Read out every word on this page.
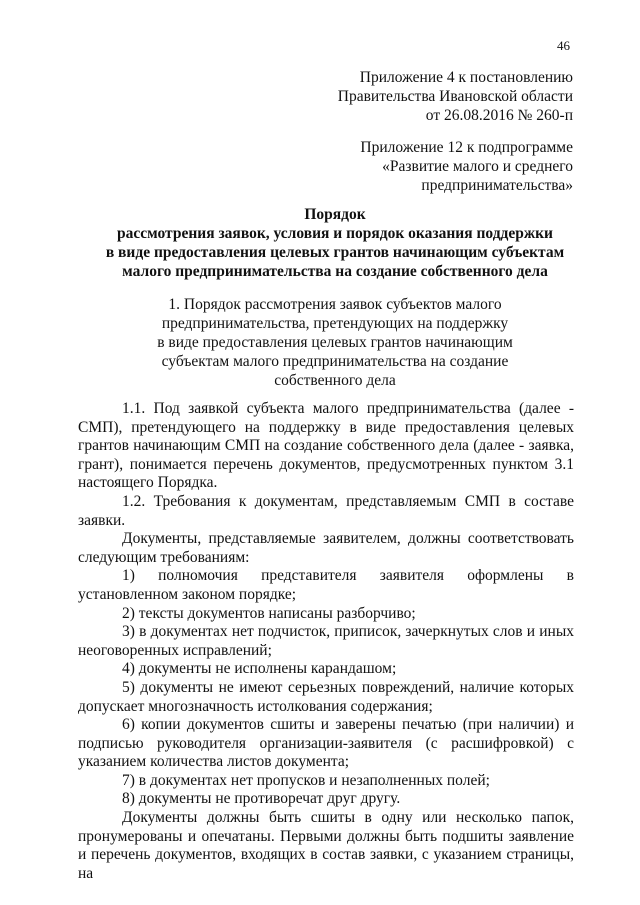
46
Приложение 4 к постановлению
Правительства Ивановской области
от 26.08.2016 № 260-п
Приложение 12 к подпрограмме
«Развитие малого и среднего
предпринимательства»
Порядок
рассмотрения заявок, условия и порядок оказания поддержки
в виде предоставления целевых грантов начинающим субъектам
малого предпринимательства на создание собственного дела
1. Порядок рассмотрения заявок субъектов малого
предпринимательства, претендующих на поддержку
в виде предоставления целевых грантов начинающим
субъектам малого предпринимательства на создание
собственного дела

1.1. Под заявкой субъекта малого предпринимательства (далее - СМП), претендующего на поддержку в виде предоставления целевых грантов начинающим СМП на создание собственного дела (далее - заявка, грант), понимается перечень документов, предусмотренных пунктом 3.1 настоящего Порядка.

1.2. Требования к документам, представляемым СМП в составе заявки.

Документы, представляемые заявителем, должны соответствовать следующим требованиям:

1) полномочия представителя заявителя оформлены в установленном законом порядке;

2) тексты документов написаны разборчиво;

3) в документах нет подчисток, приписок, зачеркнутых слов и иных неоговоренных исправлений;

4) документы не исполнены карандашом;

5) документы не имеют серьезных повреждений, наличие которых допускает многозначность истолкования содержания;

6) копии документов сшиты и заверены печатью (при наличии) и подписью руководителя организации-заявителя (с расшифровкой) с указанием количества листов документа;

7) в документах нет пропусков и незаполненных полей;

8) документы не противоречат друг другу.

Документы должны быть сшиты в одну или несколько папок, пронумерованы и опечатаны. Первыми должны быть подшиты заявление и перечень документов, входящих в состав заявки, с указанием страницы, на
